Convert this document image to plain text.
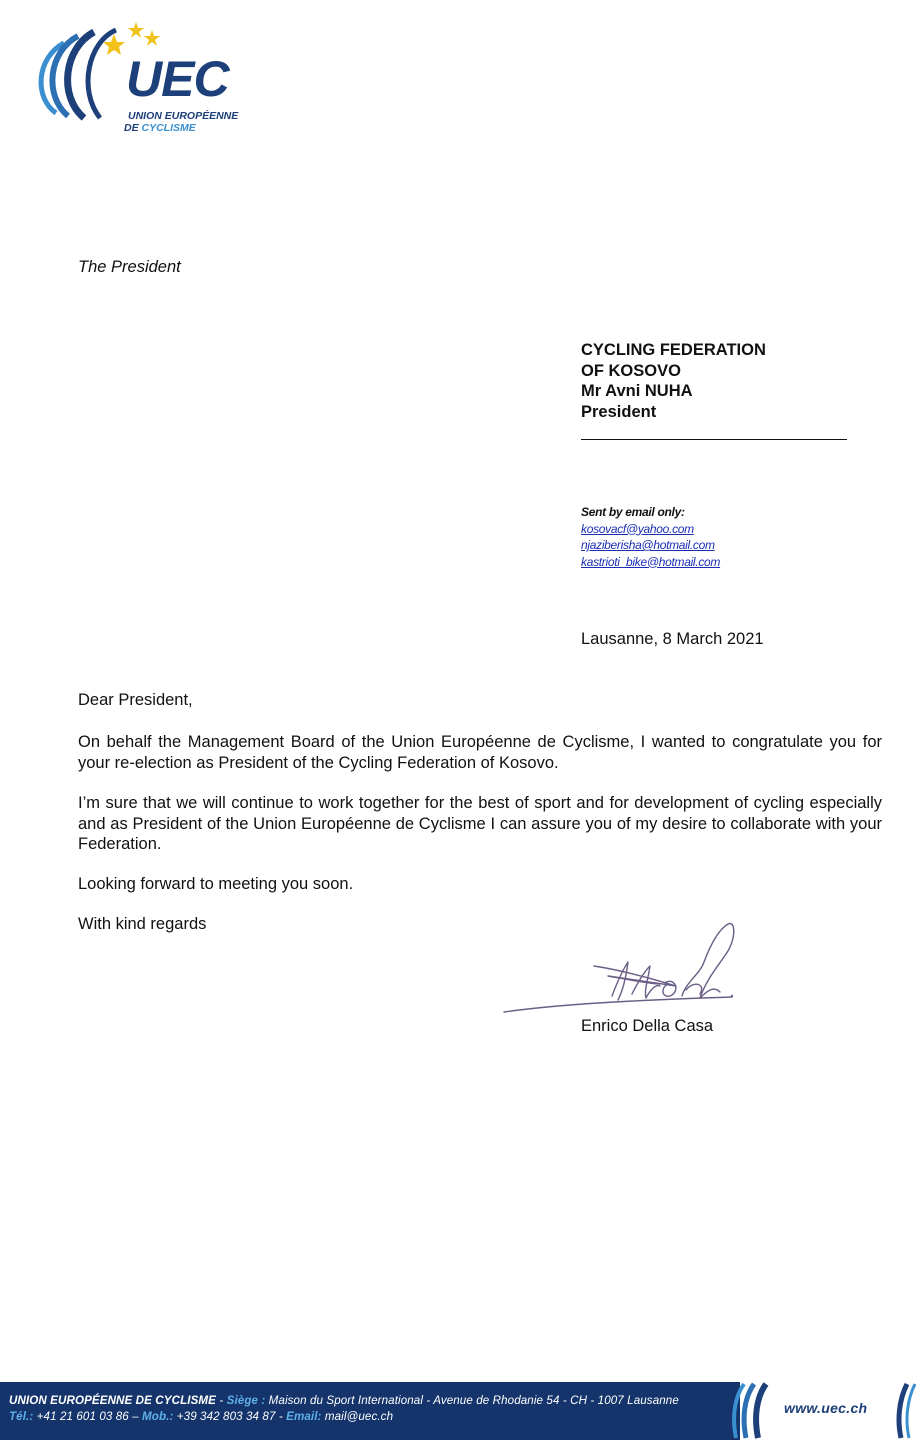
UEC
UNION EUROPÉENNE
DE CYCLISME
The President
CYCLING FEDERATION
OF KOSOVO
Mr Avni NUHA
President
Sent by email only:
kosovacf@yahoo.com
njaziberisha@hotmail.com
kastrioti_bike@hotmail.com
Lausanne, 8 March 2021
Dear President,
On behalf the Management Board of the Union Européenne de Cyclisme, I wanted to congratulate you for your re-election as President of the Cycling Federation of Kosovo.
I’m sure that we will continue to work together for the best of sport and for development of cycling especially and as President of the Union Européenne de Cyclisme I can assure you of my desire to collaborate with your Federation.
Looking forward to meeting you soon.
With kind regards
Enrico Della Casa
UNION EUROPÉENNE DE CYCLISME - Siège : Maison du Sport International - Avenue de Rhodanie 54 - CH - 1007 Lausanne
Tél.: +41 21 601 03 86 – Mob.: +39 342 803 34 87 - Email: mail@uec.ch
www.uec.ch
